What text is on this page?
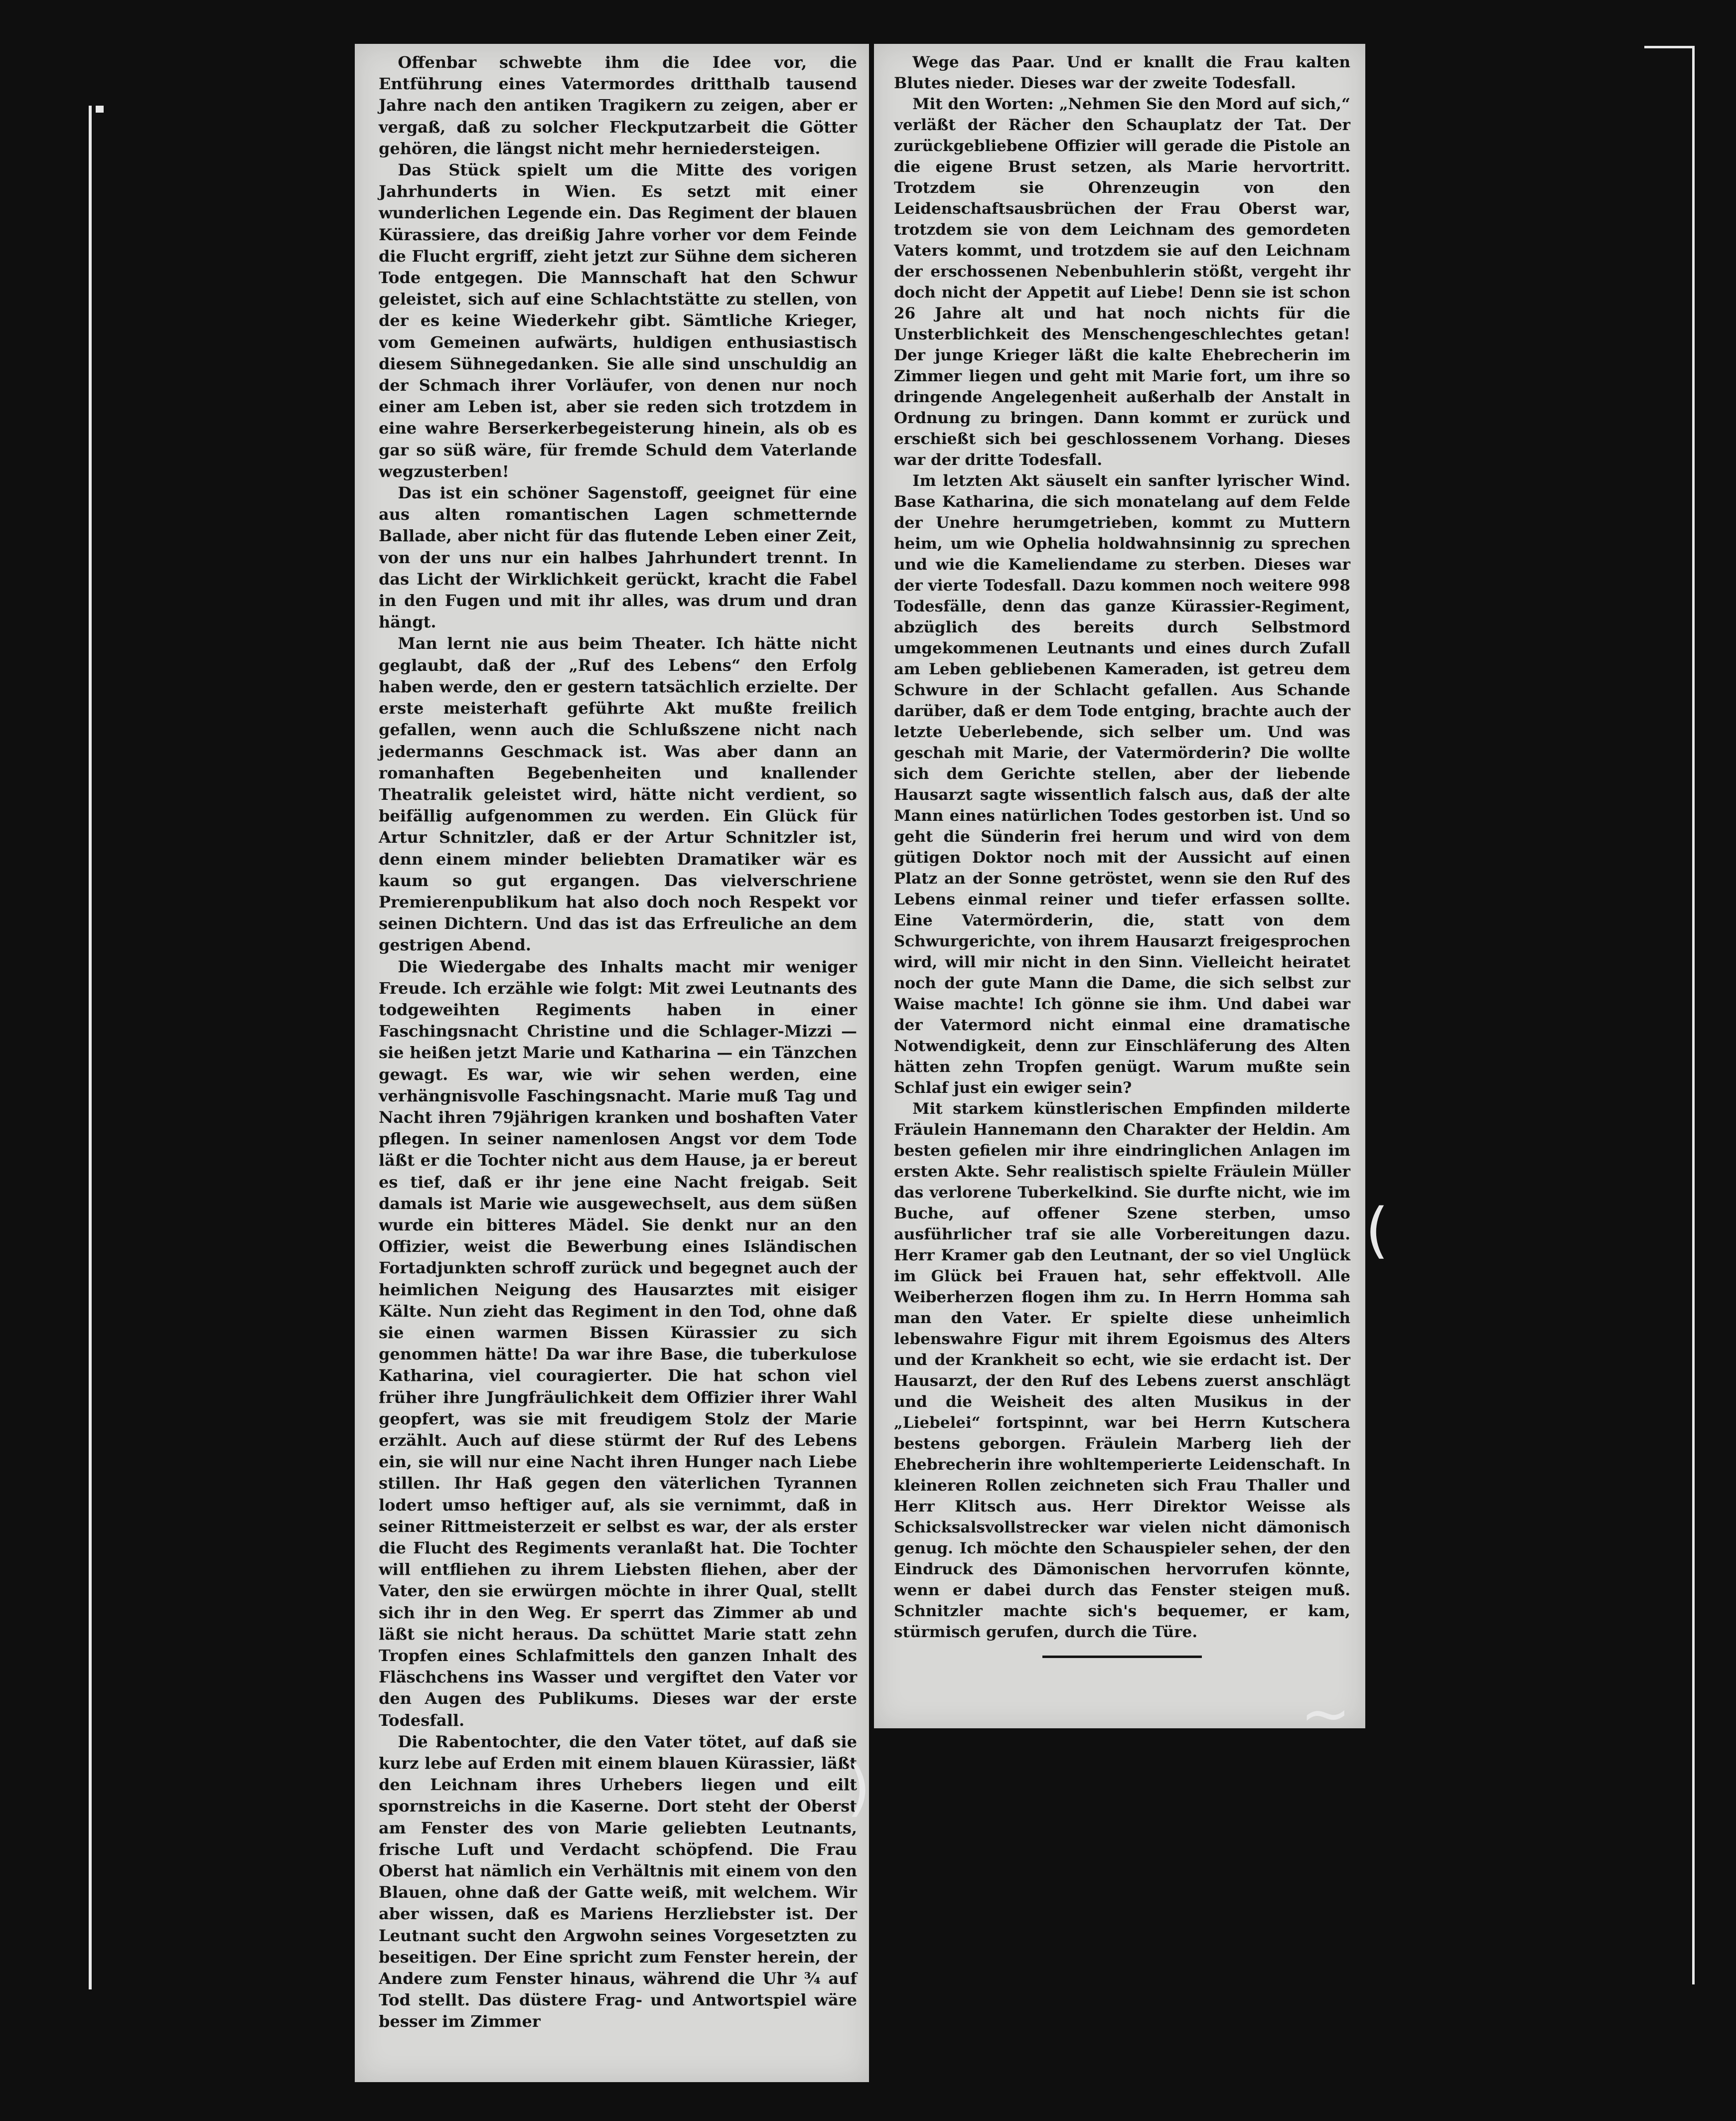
Offenbar schwebte ihm die Idee vor, die Entführung eines Vatermordes dritthalb tausend Jahre nach den antiken Tragikern zu zeigen, aber er vergaß, daß zu solcher Fleckputzarbeit die Götter gehören, die längst nicht mehr herniedersteigen.

Das Stück spielt um die Mitte des vorigen Jahrhunderts in Wien. Es setzt mit einer wunderlichen Legende ein. Das Regiment der blauen Kürassiere, das dreißig Jahre vorher vor dem Feinde die Flucht ergriff, zieht jetzt zur Sühne dem sicheren Tode entgegen. Die Mannschaft hat den Schwur geleistet, sich auf eine Schlachtstätte zu stellen, von der es keine Wiederkehr gibt. Sämtliche Krieger, vom Gemeinen aufwärts, huldigen enthusiastisch diesem Sühnegedanken. Sie alle sind unschuldig an der Schmach ihrer Vorläufer, von denen nur noch einer am Leben ist, aber sie reden sich trotzdem in eine wahre Berserkerbegeisterung hinein, als ob es gar so süß wäre, für fremde Schuld dem Vaterlande wegzusterben!

Das ist ein schöner Sagenstoff, geeignet für eine aus alten romantischen Lagen schmetternde Ballade, aber nicht für das flutende Leben einer Zeit, von der uns nur ein halbes Jahrhundert trennt. In das Licht der Wirklichkeit gerückt, kracht die Fabel in den Fugen und mit ihr alles, was drum und dran hängt.

Man lernt nie aus beim Theater. Ich hätte nicht geglaubt, daß der „Ruf des Lebens“ den Erfolg haben werde, den er gestern tatsächlich erzielte. Der erste meisterhaft geführte Akt mußte freilich gefallen, wenn auch die Schlußszene nicht nach jedermanns Geschmack ist. Was aber dann an romanhaften Begebenheiten und knallender Theatralik geleistet wird, hätte nicht verdient, so beifällig aufgenommen zu werden. Ein Glück für Artur Schnitzler, daß er der Artur Schnitzler ist, denn einem minder beliebten Dramatiker wär es kaum so gut ergangen. Das vielverschriene Premierenpublikum hat also doch noch Respekt vor seinen Dichtern. Und das ist das Erfreuliche an dem gestrigen Abend.

Die Wiedergabe des Inhalts macht mir weniger Freude. Ich erzähle wie folgt: Mit zwei Leutnants des todgeweihten Regiments haben in einer Faschingsnacht Christine und die Schlager-Mizzi — sie heißen jetzt Marie und Katharina — ein Tänzchen gewagt. Es war, wie wir sehen werden, eine verhängnisvolle Faschingsnacht. Marie muß Tag und Nacht ihren 79jährigen kranken und boshaften Vater pflegen. In seiner namenlosen Angst vor dem Tode läßt er die Tochter nicht aus dem Hause, ja er bereut es tief, daß er ihr jene eine Nacht freigab. Seit damals ist Marie wie ausgewechselt, aus dem süßen wurde ein bitteres Mädel. Sie denkt nur an den Offizier, weist die Bewerbung eines Isländischen Fortadjunkten schroff zurück und begegnet auch der heimlichen Neigung des Hausarztes mit eisiger Kälte. Nun zieht das Regiment in den Tod, ohne daß sie einen warmen Bissen Kürassier zu sich genommen hätte! Da war ihre Base, die tuberkulose Katharina, viel couragierter. Die hat schon viel früher ihre Jungfräulichkeit dem Offizier ihrer Wahl geopfert, was sie mit freudigem Stolz der Marie erzählt. Auch auf diese stürmt der Ruf des Lebens ein, sie will nur eine Nacht ihren Hunger nach Liebe stillen. Ihr Haß gegen den väterlichen Tyrannen lodert umso heftiger auf, als sie vernimmt, daß in seiner Rittmeisterzeit er selbst es war, der als erster die Flucht des Regiments veranlaßt hat. Die Tochter will entfliehen zu ihrem Liebsten fliehen, aber der Vater, den sie erwürgen möchte in ihrer Qual, stellt sich ihr in den Weg. Er sperrt das Zimmer ab und läßt sie nicht heraus. Da schüttet Marie statt zehn Tropfen eines Schlafmittels den ganzen Inhalt des Fläschchens ins Wasser und vergiftet den Vater vor den Augen des Publikums. Dieses war der erste Todesfall.

Die Rabentochter, die den Vater tötet, auf daß sie kurz lebe auf Erden mit einem blauen Kürassier, läßt den Leichnam ihres Urhebers liegen und eilt spornstreichs in die Kaserne. Dort steht der Oberst am Fenster des von Marie geliebten Leutnants, frische Luft und Verdacht schöpfend. Die Frau Oberst hat nämlich ein Verhältnis mit einem von den Blauen, ohne daß der Gatte weiß, mit welchem. Wir aber wissen, daß es Mariens Herzliebster ist. Der Leutnant sucht den Argwohn seines Vorgesetzten zu beseitigen. Der Eine spricht zum Fenster herein, der Andere zum Fenster hinaus, während die Uhr ¾ auf Tod stellt. Das düstere Frag- und Antwortspiel wäre besser im Zimmer

Wege das Paar. Und er knallt die Frau kalten Blutes nieder. Dieses war der zweite Todesfall.

Mit den Worten: „Nehmen Sie den Mord auf sich,“ verläßt der Rächer den Schauplatz der Tat. Der zurückgebliebene Offizier will gerade die Pistole an die eigene Brust setzen, als Marie hervortritt. Trotzdem sie Ohrenzeugin von den Leidenschaftsausbrüchen der Frau Oberst war, trotzdem sie von dem Leichnam des gemordeten Vaters kommt, und trotzdem sie auf den Leichnam der erschossenen Nebenbuhlerin stößt, vergeht ihr doch nicht der Appetit auf Liebe! Denn sie ist schon 26 Jahre alt und hat noch nichts für die Unsterblichkeit des Menschengeschlechtes getan! Der junge Krieger läßt die kalte Ehebrecherin im Zimmer liegen und geht mit Marie fort, um ihre so dringende Angelegenheit außerhalb der Anstalt in Ordnung zu bringen. Dann kommt er zurück und erschießt sich bei geschlossenem Vorhang. Dieses war der dritte Todesfall.

Im letzten Akt säuselt ein sanfter lyrischer Wind. Base Katharina, die sich monatelang auf dem Felde der Unehre herumgetrieben, kommt zu Muttern heim, um wie Ophelia holdwahnsinnig zu sprechen und wie die Kameliendame zu sterben. Dieses war der vierte Todesfall. Dazu kommen noch weitere 998 Todesfälle, denn das ganze Kürassier-Regiment, abzüglich des bereits durch Selbstmord umgekommenen Leutnants und eines durch Zufall am Leben gebliebenen Kameraden, ist getreu dem Schwure in der Schlacht gefallen. Aus Schande darüber, daß er dem Tode entging, brachte auch der letzte Ueberlebende, sich selber um. Und was geschah mit Marie, der Vatermörderin? Die wollte sich dem Gerichte stellen, aber der liebende Hausarzt sagte wissentlich falsch aus, daß der alte Mann eines natürlichen Todes gestorben ist. Und so geht die Sünderin frei herum und wird von dem gütigen Doktor noch mit der Aussicht auf einen Platz an der Sonne getröstet, wenn sie den Ruf des Lebens einmal reiner und tiefer erfassen sollte. Eine Vatermörderin, die, statt von dem Schwurgerichte, von ihrem Hausarzt freigesprochen wird, will mir nicht in den Sinn. Vielleicht heiratet noch der gute Mann die Dame, die sich selbst zur Waise machte! Ich gönne sie ihm. Und dabei war der Vatermord nicht einmal eine dramatische Notwendigkeit, denn zur Einschläferung des Alten hätten zehn Tropfen genügt. Warum mußte sein Schlaf just ein ewiger sein?

Mit starkem künstlerischen Empfinden milderte Fräulein Hannemann den Charakter der Heldin. Am besten gefielen mir ihre eindringlichen Anlagen im ersten Akte. Sehr realistisch spielte Fräulein Müller das verlorene Tuberkelkind. Sie durfte nicht, wie im Buche, auf offener Szene sterben, umso ausführlicher traf sie alle Vorbereitungen dazu. Herr Kramer gab den Leutnant, der so viel Unglück im Glück bei Frauen hat, sehr effektvoll. Alle Weiberherzen flogen ihm zu. In Herrn Homma sah man den Vater. Er spielte diese unheimlich lebenswahre Figur mit ihrem Egoismus des Alters und der Krankheit so echt, wie sie erdacht ist. Der Hausarzt, der den Ruf des Lebens zuerst anschlägt und die Weisheit des alten Musikus in der „Liebelei“ fortspinnt, war bei Herrn Kutschera bestens geborgen. Fräulein Marberg lieh der Ehebrecherin ihre wohltemperierte Leidenschaft. In kleineren Rollen zeichneten sich Frau Thaller und Herr Klitsch aus. Herr Direktor Weisse als Schicksalsvollstrecker war vielen nicht dämonisch genug. Ich möchte den Schauspieler sehen, der den Eindruck des Dämonischen hervorrufen könnte, wenn er dabei durch das Fenster steigen muß. Schnitzler machte sich's bequemer, er kam, stürmisch gerufen, durch die Türe.

(
~
)
